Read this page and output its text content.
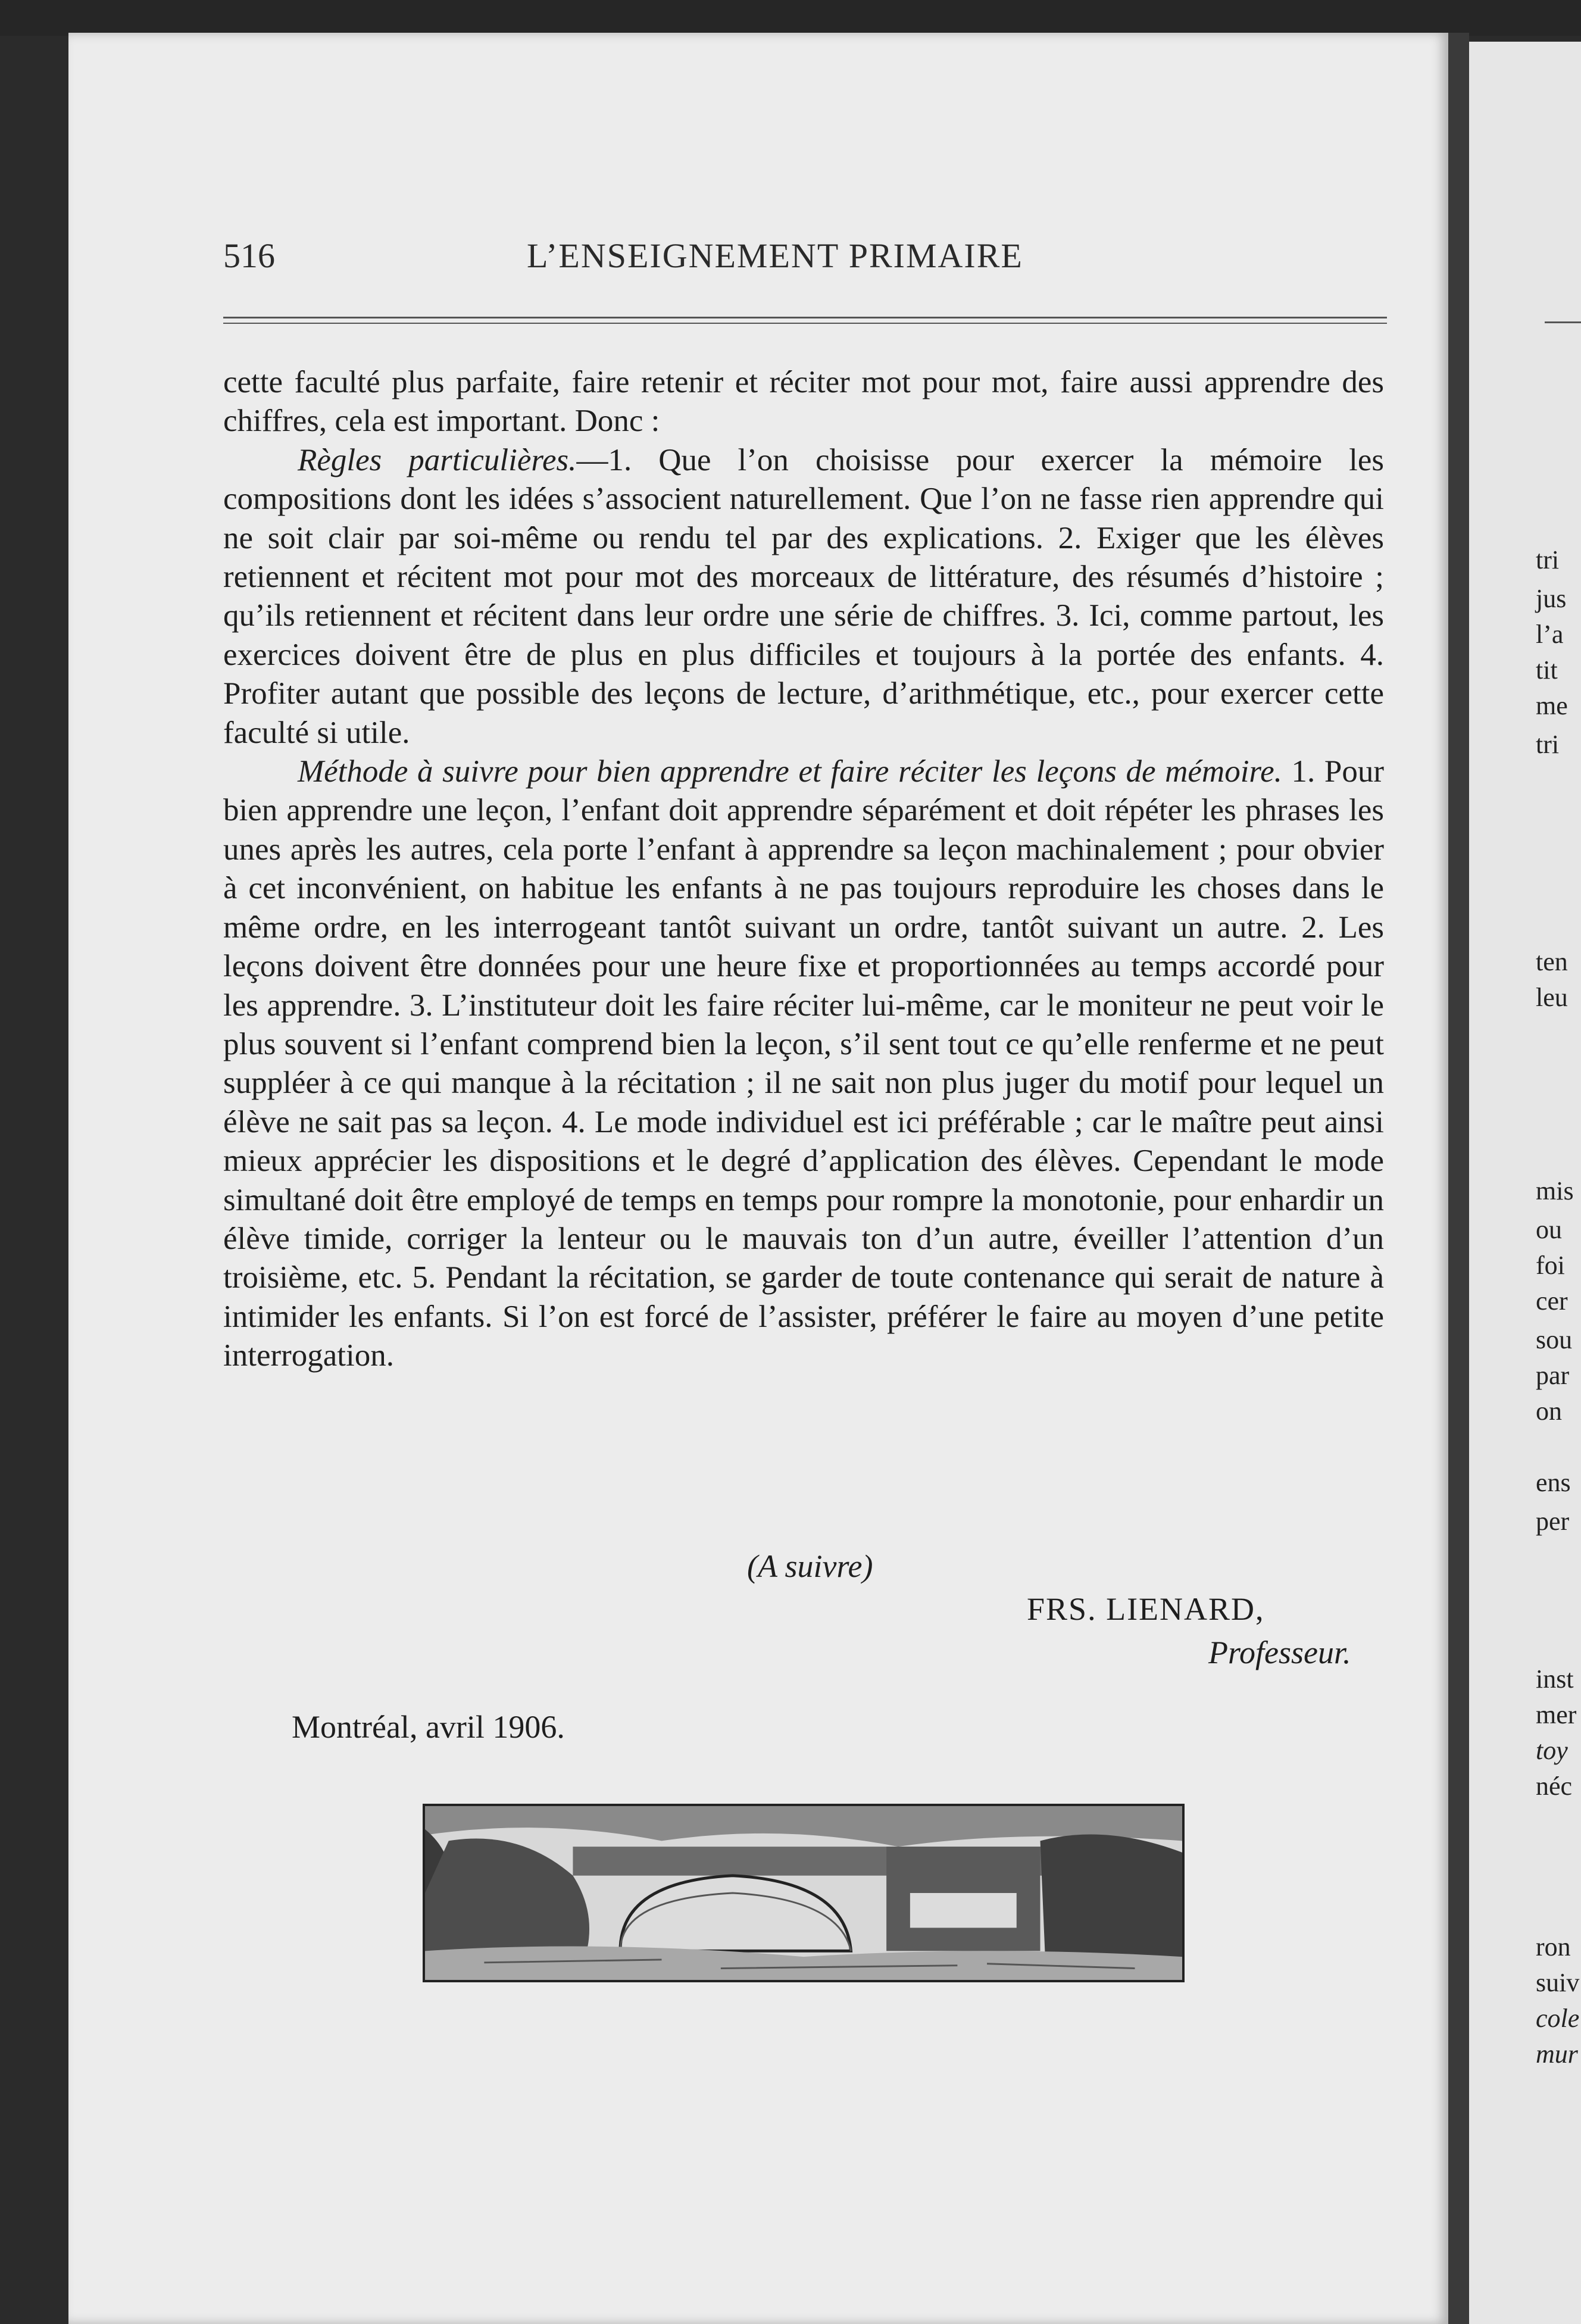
516	L’ENSEIGNEMENT PRIMAIRE

cette faculté plus parfaite, faire retenir et réciter mot pour mot, faire aussi apprendre des chiffres, cela est important. Donc :

Règles particulières.—1. Que l’on choisisse pour exercer la mémoire les compositions dont les idées s’associent naturellement. Que l’on ne fasse rien apprendre qui ne soit clair par soi-même ou rendu tel par des explications. 2. Exiger que les élèves retiennent et récitent mot pour mot des morceaux de littérature, des résumés d’histoire ; qu’ils retiennent et récitent dans leur ordre une série de chiffres. 3. Ici, comme partout, les exercices doivent être de plus en plus difficiles et toujours à la portée des enfants. 4. Profiter autant que possible des leçons de lecture, d’arithmétique, etc., pour exercer cette faculté si utile.

Méthode à suivre pour bien apprendre et faire réciter les leçons de mémoire. 1. Pour bien apprendre une leçon, l’enfant doit apprendre séparément et doit répéter les phrases les unes après les autres, cela porte l’enfant à apprendre sa leçon machinalement ; pour obvier à cet inconvénient, on habitue les enfants à ne pas toujours reproduire les choses dans le même ordre, en les interrogeant tantôt suivant un ordre, tantôt suivant un autre. 2. Les leçons doivent être données pour une heure fixe et proportionnées au temps accordé pour les apprendre. 3. L’instituteur doit les faire réciter lui-même, car le moniteur ne peut voir le plus souvent si l’enfant comprend bien la leçon, s’il sent tout ce qu’elle renferme et ne peut suppléer à ce qui manque à la récitation ; il ne sait non plus juger du motif pour lequel un élève ne sait pas sa leçon. 4. Le mode individuel est ici préférable ; car le maître peut ainsi mieux apprécier les dispositions et le degré d’application des élèves. Cependant le mode simultané doit être employé de temps en temps pour rompre la monotonie, pour enhardir un élève timide, corriger la lenteur ou le mauvais ton d’un autre, éveiller l’attention d’un troisième, etc. 5. Pendant la récitation, se garder de toute contenance qui serait de nature à intimider les enfants. Si l’on est forcé de l’assister, préférer le faire au moyen d’une petite interrogation.

(A suivre)
FRS. LIENARD,
Professeur.
Montréal, avril 1906.
tri
jus
l’a
tit
me
tri
ten
leu
mis
ou
foi
cer
sou
par
on
ens
per
inst
mer
toy
néc
ron
suiv
cole
mur
